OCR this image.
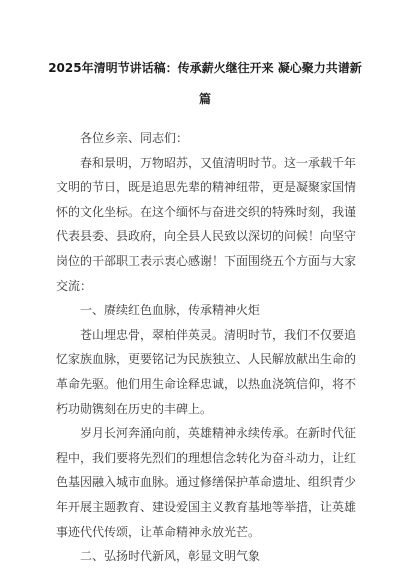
2025年清明节讲话稿：传承薪火继往开来 凝心聚力共谱新
篇

各位乡亲、同志们：

春和景明，万物昭苏，又值清明时节。这一承载千年文明的节日，既是追思先辈的精神纽带，更是凝聚家国情怀的文化坐标。在这个缅怀与奋进交织的特殊时刻，我谨代表县委、县政府，向全县人民致以深切的问候！向坚守岗位的干部职工表示衷心感谢！下面围绕五个方面与大家交流：

一、赓续红色血脉，传承精神火炬

苍山埋忠骨，翠柏伴英灵。清明时节，我们不仅要追忆家族血脉，更要铭记为民族独立、人民解放献出生命的革命先驱。他们用生命诠释忠诚，以热血浇筑信仰，将不朽功勋镌刻在历史的丰碑上。

岁月长河奔涌向前，英雄精神永续传承。在新时代征程中，我们要将先烈们的理想信念转化为奋斗动力，让红色基因融入城市血脉。通过修缮保护革命遗址、组织青少年开展主题教育、建设爱国主义教育基地等举措，让英雄事迹代代传颂，让革命精神永放光芒。

二、弘扬时代新风，彰显文明气象
